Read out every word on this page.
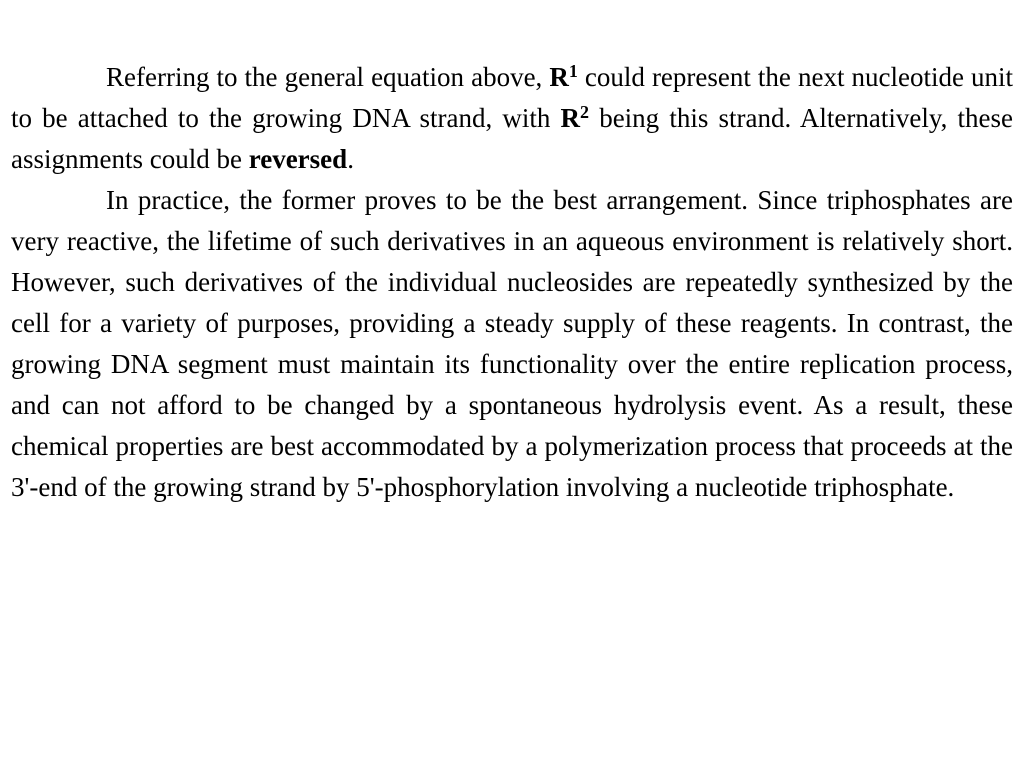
Referring to the general equation above, $R^1$ could represent the next nucleotide unit to be attached to the growing DNA strand, with $R^2$ being this strand. Alternatively, these assignments could be reversed.

In practice, the former proves to be the best arrangement. Since triphosphates are very reactive, the lifetime of such derivatives in an aqueous environment is relatively short. However, such derivatives of the individual nucleosides are repeatedly synthesized by the cell for a variety of purposes, providing a steady supply of these reagents. In contrast, the growing DNA segment must maintain its functionality over the entire replication process, and can not afford to be changed by a spontaneous hydrolysis event. As a result, these chemical properties are best accommodated by a polymerization process that proceeds at the 3'-end of the growing strand by 5'-phosphorylation involving a nucleotide triphosphate.
